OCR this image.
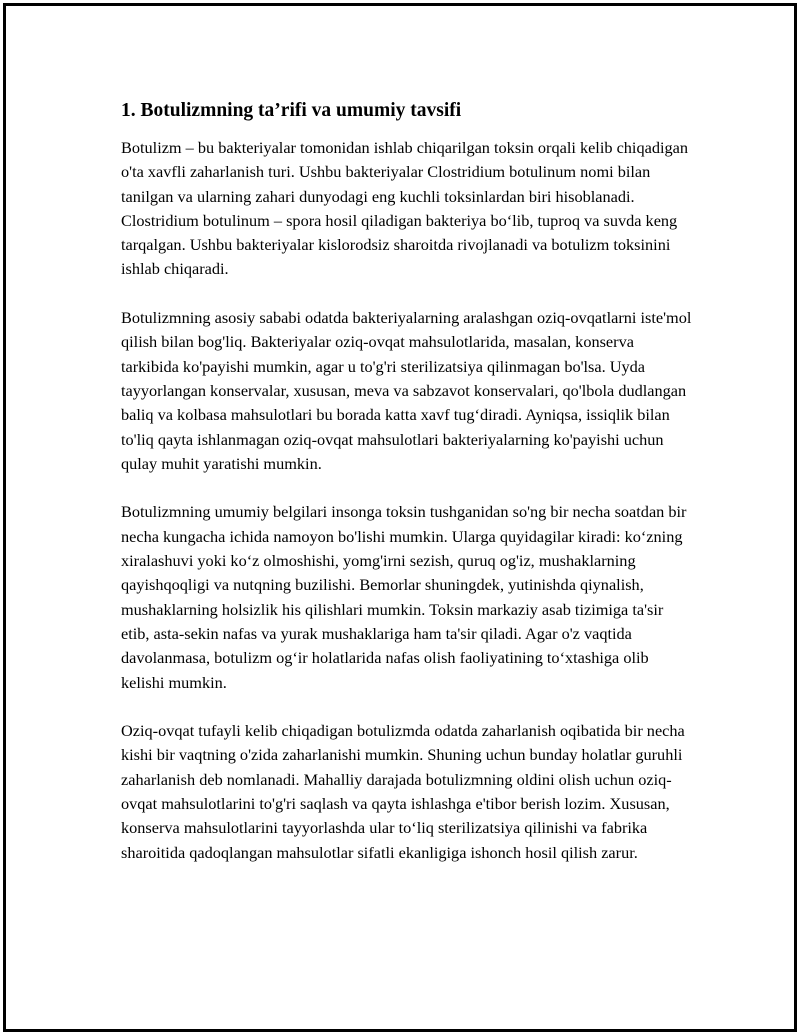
1. Botulizmning ta’rifi va umumiy tavsifi

Botulizm – bu bakteriyalar tomonidan ishlab chiqarilgan toksin orqali kelib chiqadigan o'ta xavfli zaharlanish turi. Ushbu bakteriyalar Clostridium botulinum nomi bilan tanilgan va ularning zahari dunyodagi eng kuchli toksinlardan biri hisoblanadi. Clostridium botulinum – spora hosil qiladigan bakteriya bo‘lib, tuproq va suvda keng tarqalgan. Ushbu bakteriyalar kislorodsiz sharoitda rivojlanadi va botulizm toksinini ishlab chiqaradi.

Botulizmning asosiy sababi odatda bakteriyalarning aralashgan oziq-ovqatlarni iste'mol qilish bilan bog'liq. Bakteriyalar oziq-ovqat mahsulotlarida, masalan, konserva tarkibida ko'payishi mumkin, agar u to'g'ri sterilizatsiya qilinmagan bo'lsa. Uyda tayyorlangan konservalar, xususan, meva va sabzavot konservalari, qo'lbola dudlangan baliq va kolbasa mahsulotlari bu borada katta xavf tug‘diradi. Ayniqsa, issiqlik bilan to'liq qayta ishlanmagan oziq-ovqat mahsulotlari bakteriyalarning ko'payishi uchun qulay muhit yaratishi mumkin.

Botulizmning umumiy belgilari insonga toksin tushganidan so'ng bir necha soatdan bir necha kungacha ichida namoyon bo'lishi mumkin. Ularga quyidagilar kiradi: ko‘zning xiralashuvi yoki ko‘z olmoshishi, yomg'irni sezish, quruq og'iz, mushaklarning qayishqoqligi va nutqning buzilishi. Bemorlar shuningdek, yutinishda qiynalish, mushaklarning holsizlik his qilishlari mumkin. Toksin markaziy asab tizimiga ta'sir etib, asta-sekin nafas va yurak mushaklariga ham ta'sir qiladi. Agar o'z vaqtida davolanmasa, botulizm og‘ir holatlarida nafas olish faoliyatining to‘xtashiga olib kelishi mumkin.

Oziq-ovqat tufayli kelib chiqadigan botulizmda odatda zaharlanish oqibatida bir necha kishi bir vaqtning o'zida zaharlanishi mumkin. Shuning uchun bunday holatlar guruhli zaharlanish deb nomlanadi. Mahalliy darajada botulizmning oldini olish uchun oziq-ovqat mahsulotlarini to'g'ri saqlash va qayta ishlashga e'tibor berish lozim. Xususan, konserva mahsulotlarini tayyorlashda ular to‘liq sterilizatsiya qilinishi va fabrika sharoitida qadoqlangan mahsulotlar sifatli ekanligiga ishonch hosil qilish zarur.
